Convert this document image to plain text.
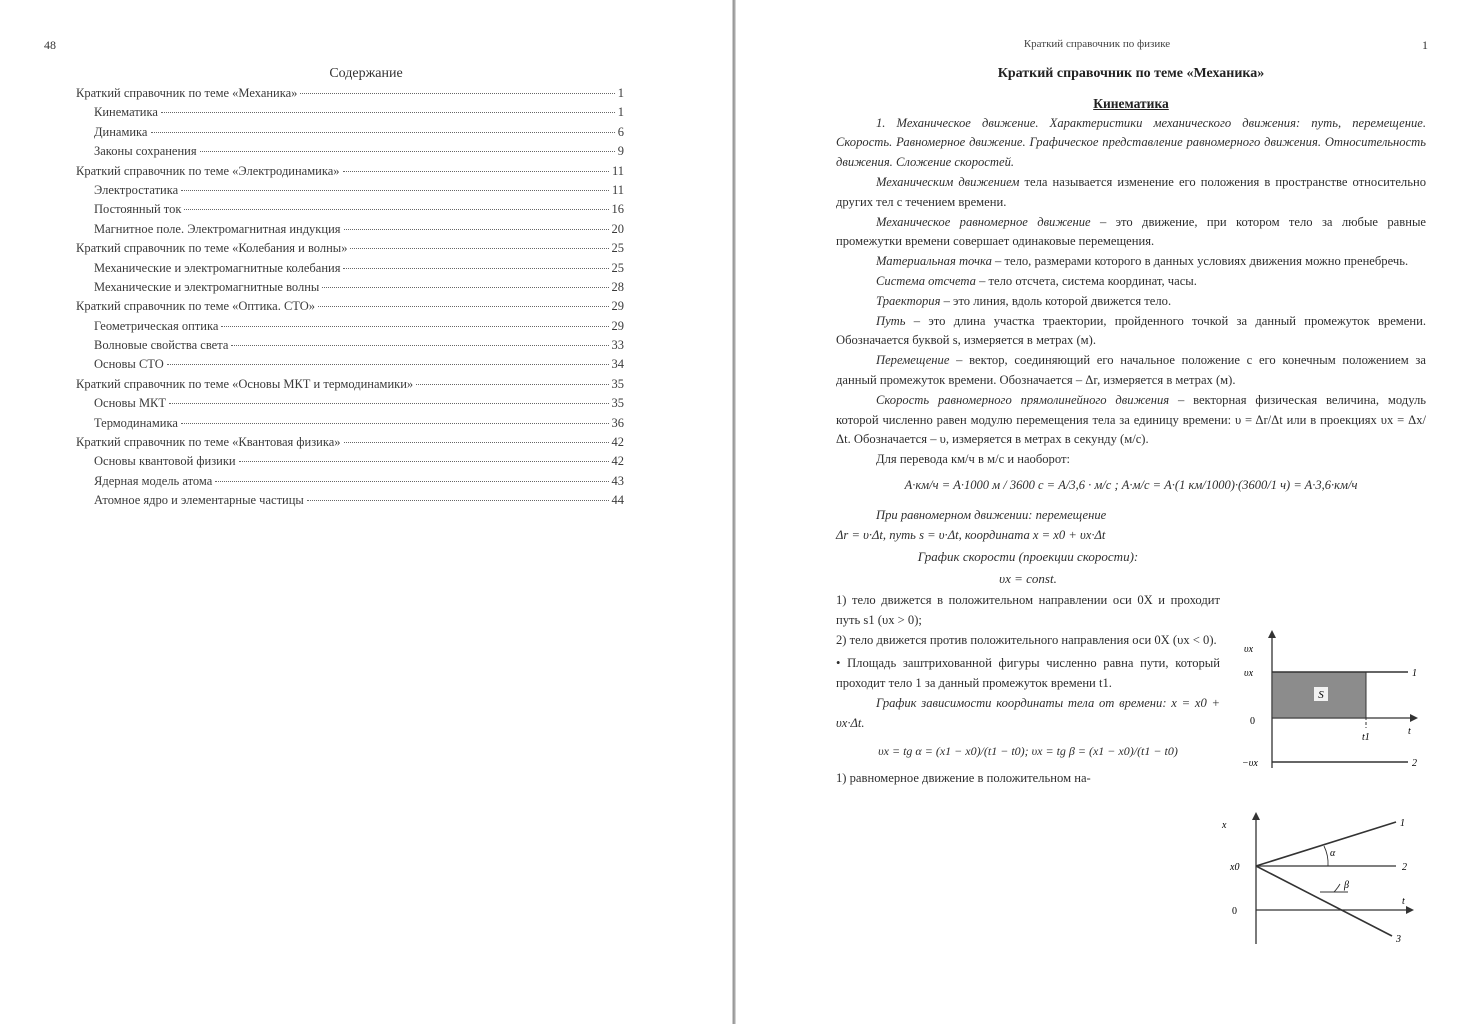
48
Содержание
Краткий справочник по теме «Механика»	1
Кинематика	1
Динамика	6
Законы сохранения	9
Краткий справочник по теме «Электродинамика»	11
Электростатика	11
Постоянный ток	16
Магнитное поле. Электромагнитная индукция	20
Краткий справочник по теме «Колебания и волны»	25
Механические и электромагнитные колебания	25
Механические и электромагнитные волны	28
Краткий справочник по теме «Оптика. СТО»	29
Геометрическая оптика	29
Волновые свойства света	33
Основы СТО	34
Краткий справочник по теме «Основы МКТ и термодинамики»	35
Основы МКТ	35
Термодинамика	36
Краткий справочник по теме «Квантовая физика»	42
Основы квантовой физики	42
Ядерная модель атома	43
Атомное ядро и элементарные частицы	44
Краткий справочник по физике	1
Краткий справочник по теме «Механика»
Кинематика

1. Механическое движение. Характеристики механического движения: путь, перемещение. Скорость. Равномерное движение. Графическое представление равномерного движения. Относительность движения. Сложение скоростей.

Механическим движением тела называется изменение его положения в пространстве относительно других тел с течением времени.

Механическое равномерное движение – это движение, при котором тело за любые равные промежутки времени совершает одинаковые перемещения.

Материальная точка – тело, размерами которого в данных условиях движения можно пренебречь.

Система отсчета – тело отсчета, система координат, часы.

Траектория – это линия, вдоль которой движется тело.

Путь – это длина участка траектории, пройденного точкой за данный промежуток времени. Обозначается буквой s, измеряется в метрах (м).

Перемещение – вектор, соединяющий его начальное положение с его конечным положением за данный промежуток времени. Обозначается – Δr, измеряется в метрах (м).

Скорость равномерного прямолинейного движения – векторная физическая величина, модуль которой численно равен модулю перемещения тела за единицу времени: υ = Δr/Δt или в проекциях υx = Δx/Δt. Обозначается – υ, измеряется в метрах в секунду (м/с).

Для перевода км/ч в м/с и наоборот:

A·км/ч = A·1000 м / 3600 с = A/3,6 · м/с ; A·м/с = A·(1 км/1000)·(3600/1 ч) = A·3,6·км/ч

При равномерном движении: перемещение

Δr = υ·Δt, путь s = υ·Δt, координата x = x0 + υx·Δt

График скорости (проекции скорости):

υx = const.

1) тело движется в положительном направлении оси 0X и проходит путь s1 (υx > 0);

2) тело движется против положительного направления оси 0X (υx < 0).

• Площадь заштрихованной фигуры численно равна пути, который проходит тело 1 за данный промежуток времени t1.

График зависимости координаты тела от времени: x = x0 + υx·Δt.

υx = tg α = (x1 − x0)/(t1 − t0); υx = tg β = (x1 − x0)/(t1 − t0)

1) равномерное движение в положительном на-

S
υx
υx
0
−υx
1
2
t
t1
x
x0
0
1
2
3
α
β
t
